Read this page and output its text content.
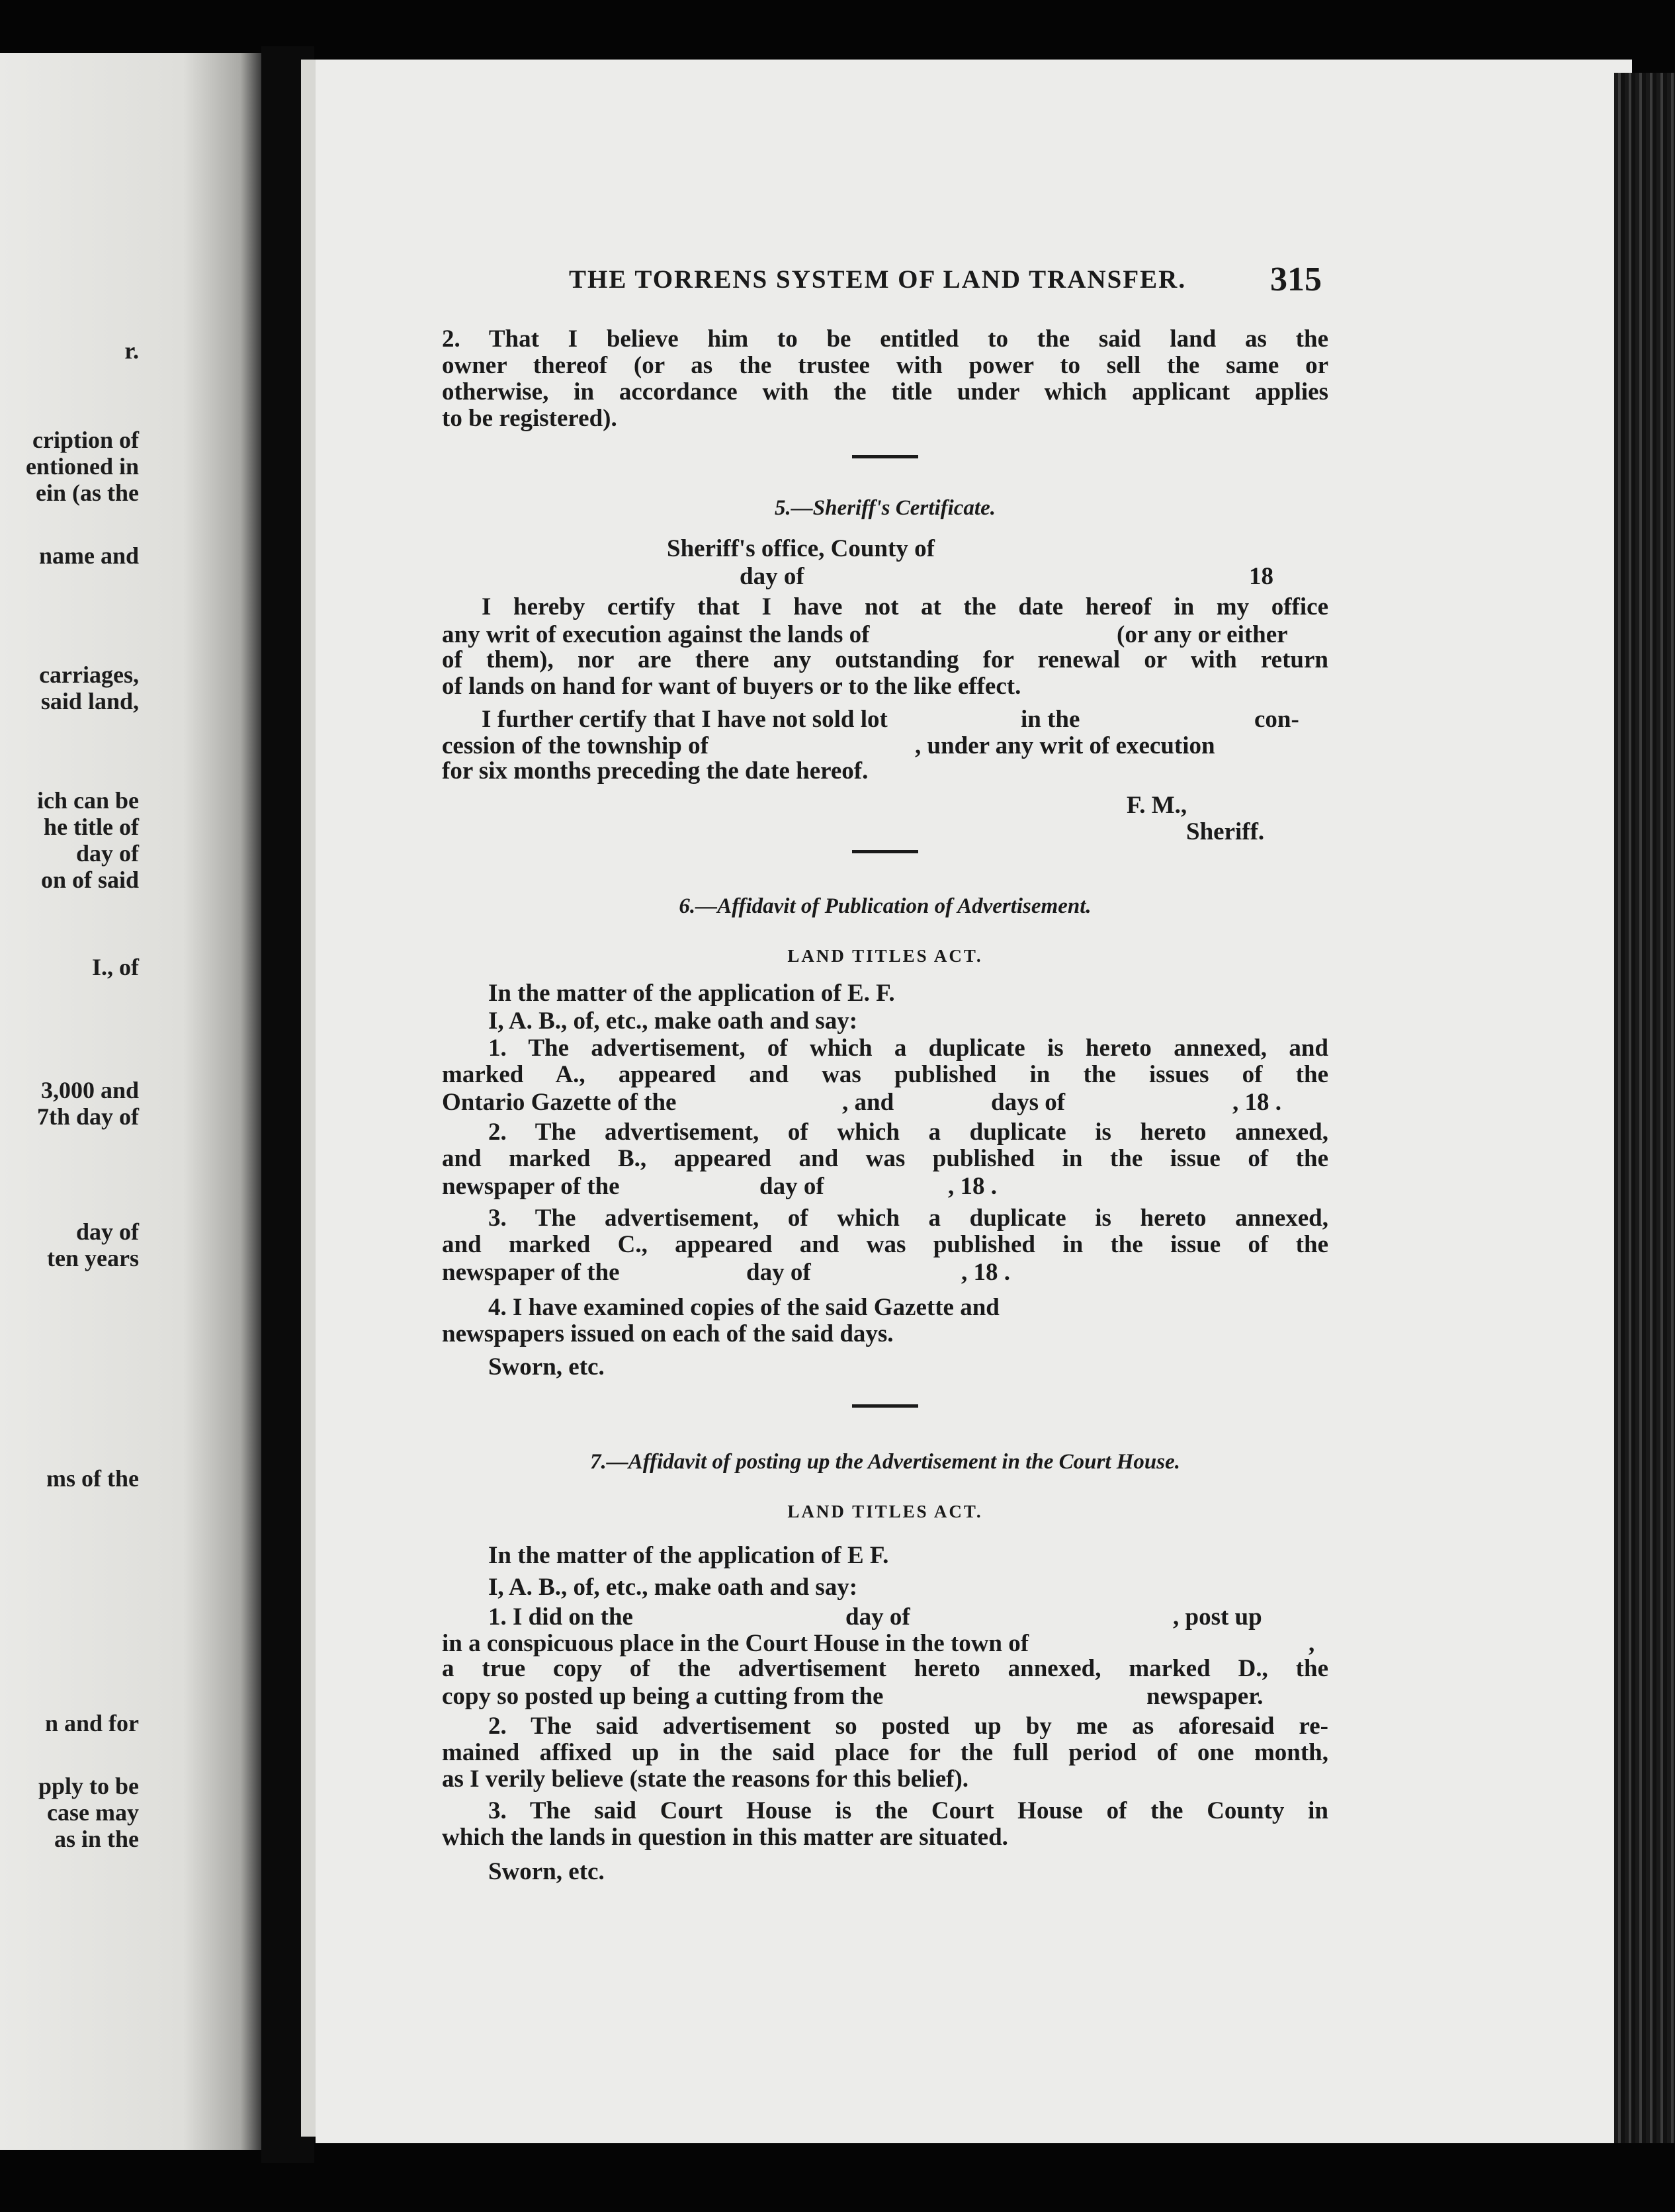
r.
cription of
entioned in
ein (as the
name and
carriages,
said land,
ich can be
he title of
day of
on of said
I., of
3,000 and
7th day of
day of
ten years
ms of the
n and for
pply to be
case may
as in the
THE TORRENS SYSTEM OF LAND TRANSFER. 315
2. That I believe him to be entitled to the said land as the
owner thereof (or as the trustee with power to sell the same or
otherwise, in accordance with the title under which applicant applies
to be registered).
5.—Sheriff's Certificate.
Sheriff's office, County of
day of	18
I hereby certify that I have not at the date hereof in my office
any writ of execution against the lands of	(or any or either
of them), nor are there any outstanding for renewal or with return
of lands on hand for want of buyers or to the like effect.
I further certify that I have not sold lot	in the	con-
cession of the township of	, under any writ of execution
for six months preceding the date hereof.
F. M.,
Sheriff.
6.—Affidavit of Publication of Advertisement.
LAND TITLES ACT.
In the matter of the application of E. F.
I, A. B., of, etc., make oath and say:
1. The advertisement, of which a duplicate is hereto annexed, and
marked A., appeared and was published in the issues of the
Ontario Gazette of the	, and	days of	, 18 .
2. The advertisement, of which a duplicate is hereto annexed,
and marked B., appeared and was published in the issue of the
newspaper of the	day of	, 18 .
3. The advertisement, of which a duplicate is hereto annexed,
and marked C., appeared and was published in the issue of the
newspaper of the	day of	, 18 .
4. I have examined copies of the said Gazette and
newspapers issued on each of the said days.
Sworn, etc.
7.—Affidavit of posting up the Advertisement in the Court House.
LAND TITLES ACT.
In the matter of the application of E F.
I, A. B., of, etc., make oath and say:
1. I did on the	day of	, post up
in a conspicuous place in the Court House in the town of	,
a true copy of the advertisement hereto annexed, marked D., the
copy so posted up being a cutting from the	newspaper.
2. The said advertisement so posted up by me as aforesaid re-
mained affixed up in the said place for the full period of one month,
as I verily believe (state the reasons for this belief).
3. The said Court House is the Court House of the County in
which the lands in question in this matter are situated.
Sworn, etc.
